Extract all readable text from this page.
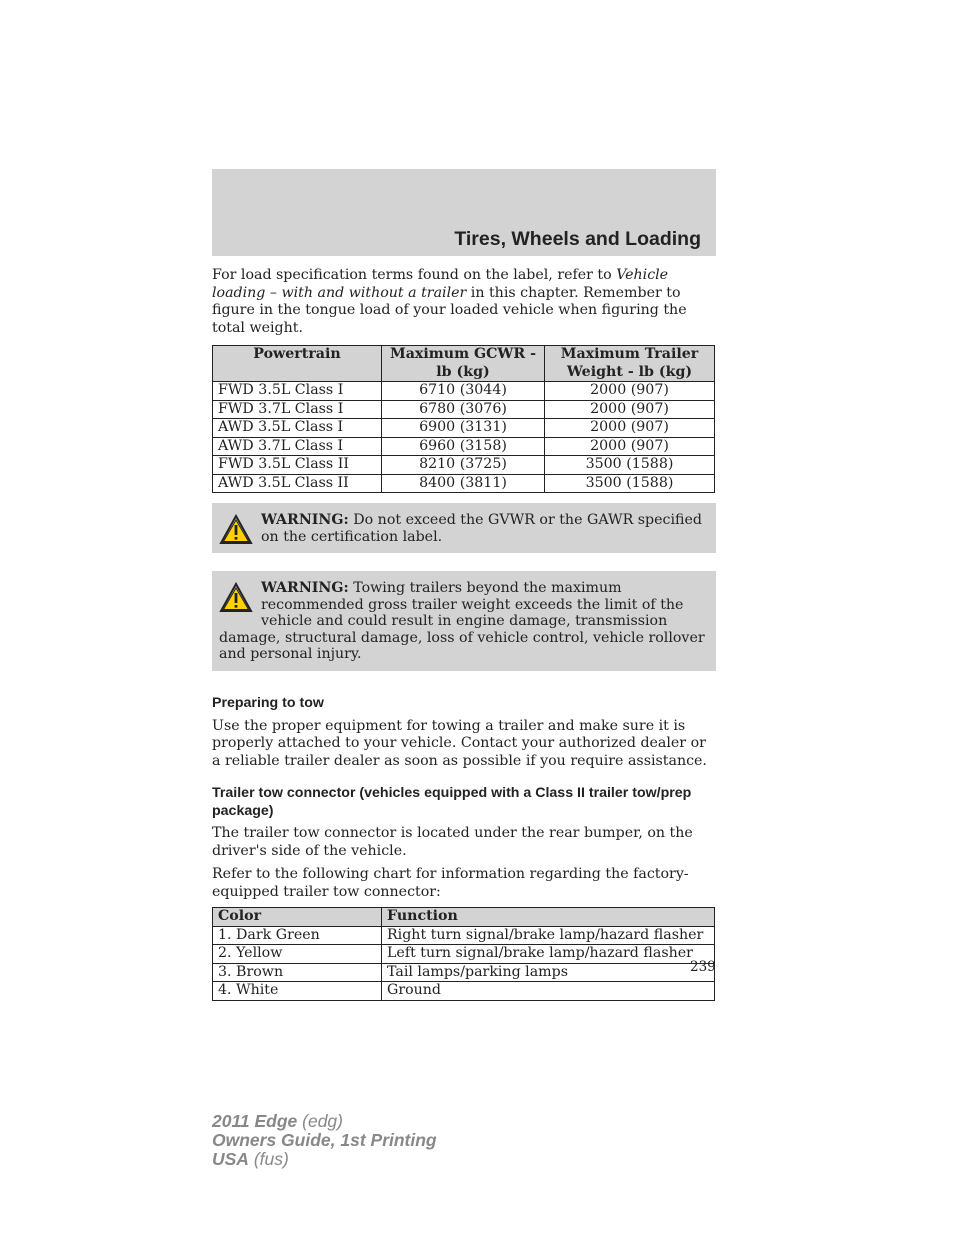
Tires, Wheels and Loading

For load specification terms found on the label, refer to Vehicle loading – with and without a trailer in this chapter. Remember to figure in the tongue load of your loaded vehicle when figuring the total weight.

Powertrain	Maximum GCWR - lb (kg)	Maximum Trailer Weight - lb (kg)
FWD 3.5L Class I	6710 (3044)	2000 (907)
FWD 3.7L Class I	6780 (3076)	2000 (907)
AWD 3.5L Class I	6900 (3131)	2000 (907)
AWD 3.7L Class I	6960 (3158)	2000 (907)
FWD 3.5L Class II	8210 (3725)	3500 (1588)
AWD 3.5L Class II	8400 (3811)	3500 (1588)

WARNING: Do not exceed the GVWR or the GAWR specified on the certification label.

WARNING: Towing trailers beyond the maximum recommended gross trailer weight exceeds the limit of the vehicle and could result in engine damage, transmission damage, structural damage, loss of vehicle control, vehicle rollover and personal injury.

Preparing to tow

Use the proper equipment for towing a trailer and make sure it is properly attached to your vehicle. Contact your authorized dealer or a reliable trailer dealer as soon as possible if you require assistance.

Trailer tow connector (vehicles equipped with a Class II trailer tow/prep package)

The trailer tow connector is located under the rear bumper, on the driver's side of the vehicle.

Refer to the following chart for information regarding the factory-equipped trailer tow connector:

Color	Function
1. Dark Green	Right turn signal/brake lamp/hazard flasher
2. Yellow	Left turn signal/brake lamp/hazard flasher
3. Brown	Tail lamps/parking lamps
4. White	Ground
239
2011 Edge (edg)
Owners Guide, 1st Printing
USA (fus)
